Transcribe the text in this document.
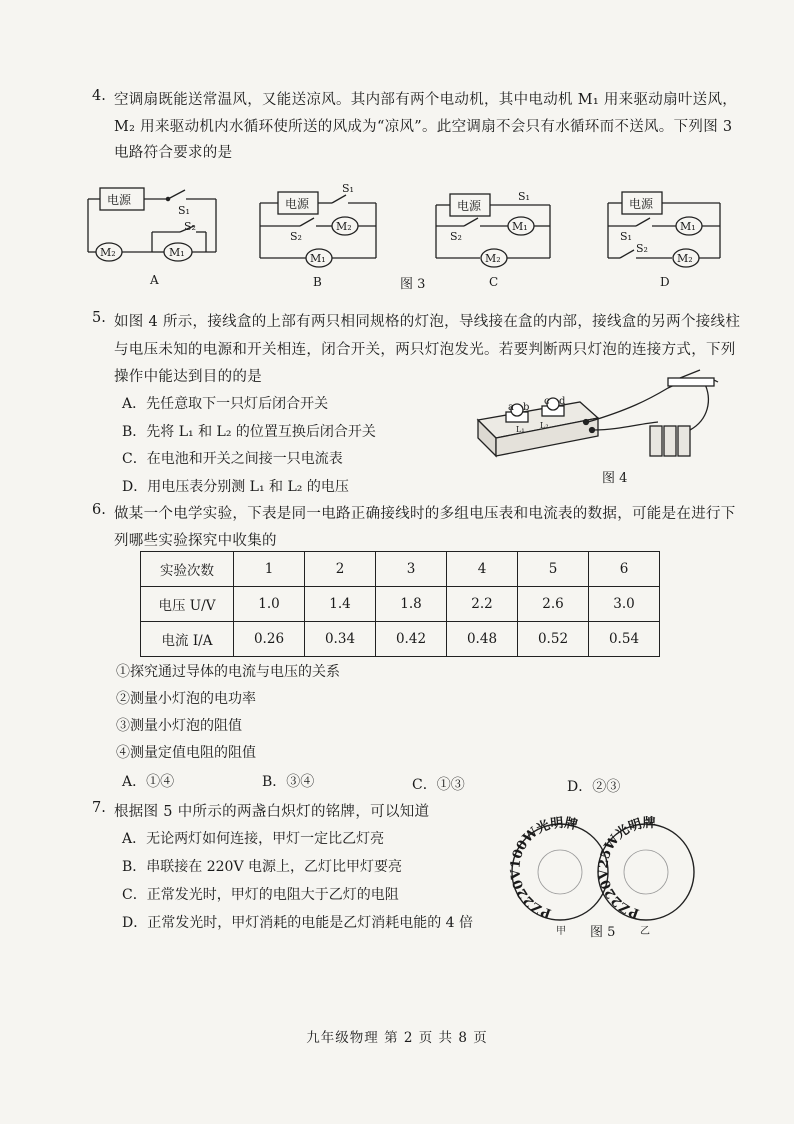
4. 空调扇既能送常温风，又能送凉风。其内部有两个电动机，其中电动机 M₁ 用来驱动扇叶送风，
M₂ 用来驱动机内水循环使所送的风成为“凉风”。此空调扇不会只有水循环而不送风。下列图 3
电路符合要求的是
电源
S₁
S₂
M₂	M₁
A
电源
S₁
S₂
M₂
M₁
B
电源
S₁
S₂
M₁
M₂
C
电源
S₁
S₂
M₁
M₂
D
图 3
5. 如图 4 所示，接线盒的上部有两只相同规格的灯泡，导线接在盒的内部，接线盒的另两个接线柱
与电压未知的电源和开关相连，闭合开关，两只灯泡发光。若要判断两只灯泡的连接方式，下列
操作中能达到目的的是
A．先任意取下一只灯后闭合开关
B．先将 L₁ 和 L₂ 的位置互换后闭合开关
C．在电池和开关之间接一只电流表
D．用电压表分别测 L₁ 和 L₂ 的电压
a b
c d
L₁ L₂
图 4
6. 做某一个电学实验，下表是同一电路正确接线时的多组电压表和电流表的数据，可能是在进行下
列哪些实验探究中收集的
实验次数	1	2	3	4	5	6
电压 U/V	1.0	1.4	1.8	2.2	2.6	3.0
电流 I/A	0.26	0.34	0.42	0.48	0.52	0.54
①探究通过导体的电流与电压的关系
②测量小灯泡的电功率
③测量小灯泡的阻值
④测量定值电阻的阻值
A．①④	B．③④	C．①③	D．②③
7. 根据图 5 中所示的两盏白炽灯的铭牌，可以知道
A．无论两灯如何连接，甲灯一定比乙灯亮
B．串联接在 220V 电源上，乙灯比甲灯要亮
C．正常发光时，甲灯的电阻大于乙灯的电阻
D．正常发光时，甲灯消耗的电能是乙灯消耗电能的 4 倍
PZ220V100W光明牌
PZ220V25W光明牌
甲	乙
图 5
九年级物理 第 2 页 共 8 页
